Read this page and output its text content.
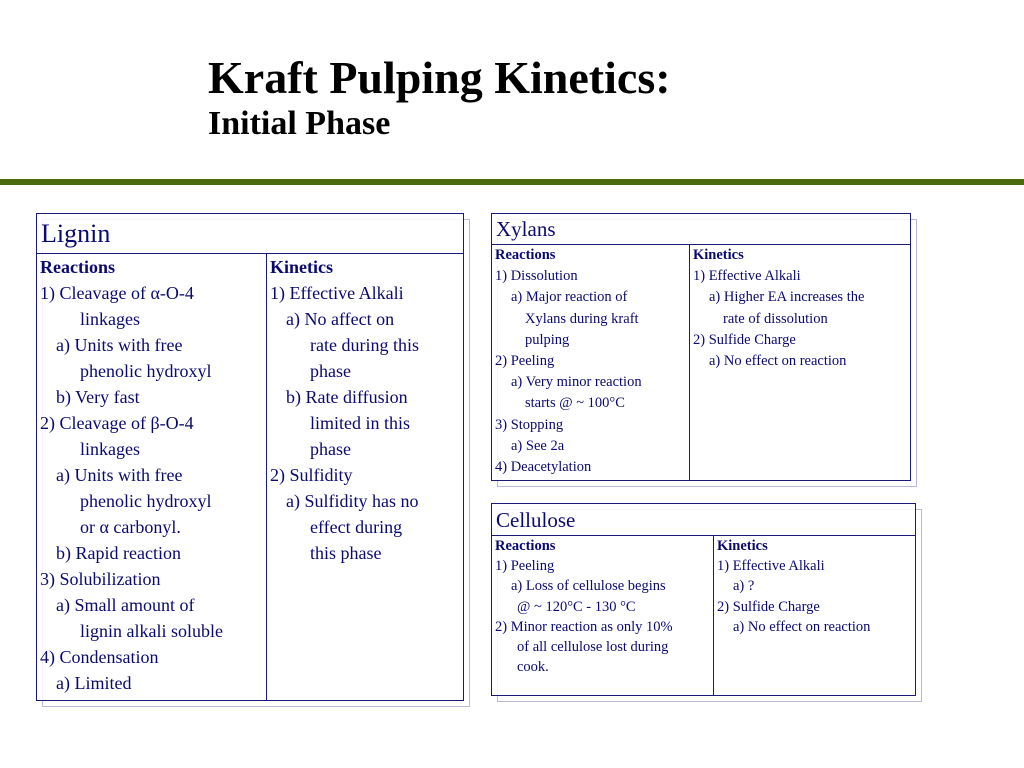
Kraft Pulping Kinetics:
Initial Phase
Lignin
Reactions
1) Cleavage of α-O-4
linkages
a) Units with free
phenolic hydroxyl
b) Very fast
2) Cleavage of β-O-4
linkages
a) Units with free
phenolic hydroxyl
or α carbonyl.
b) Rapid reaction
3) Solubilization
a) Small amount of
lignin alkali soluble
4) Condensation
a) Limited
Kinetics
1) Effective Alkali
a) No affect on
rate during this
phase
b) Rate diffusion
limited in this
phase
2) Sulfidity
a) Sulfidity has no
effect during
this phase
Xylans
Reactions
1) Dissolution
a) Major reaction of
Xylans during kraft
pulping
2) Peeling
a) Very minor reaction
starts @ ~ 100°C
3) Stopping
a) See 2a
4) Deacetylation
Kinetics
1) Effective Alkali
a) Higher EA increases the
rate of dissolution
2) Sulfide Charge
a) No effect on reaction
Cellulose
Reactions
1) Peeling
a) Loss of cellulose begins
@ ~ 120°C - 130 °C
2) Minor reaction as only 10%
of all cellulose lost during
cook.
Kinetics
1) Effective Alkali
a) ?
2) Sulfide Charge
a) No effect on reaction
